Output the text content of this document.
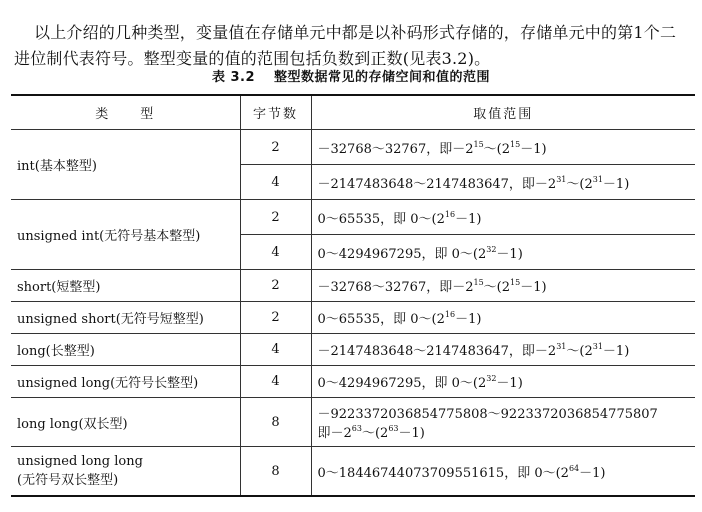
以上介绍的几种类型，变量值在存储单元中都是以补码形式存储的，存储单元中的第1个二进位制代表符号。整型变量的值的范围包括负数到正数(见表3.2)。

表 3.2 整型数据常见的存储空间和值的范围
类　　型	字节数	取值范围
int(基本整型)	2	－32768～32767，即$-2^{15}\sim(2^{15}-1)$
	4	－2147483648～2147483647，即$-2^{31}\sim(2^{31}-1)$
unsigned int(无符号基本整型)	2	0～65535，即 $0\sim(2^{16}-1)$
	4	0～4294967295，即 $0\sim(2^{32}-1)$
short(短整型)	2	－32768～32767，即$-2^{15}\sim(2^{15}-1)$
unsigned short(无符号短整型)	2	0～65535，即 $0\sim(2^{16}-1)$
long(长整型)	4	－2147483648～2147483647，即$-2^{31}\sim(2^{31}-1)$
unsigned long(无符号长整型)	4	0～4294967295，即 $0\sim(2^{32}-1)$
long long(双长型)	8	－9223372036854775808～9223372036854775807
即$-2^{63}\sim(2^{63}-1)$

unsigned long long
(无符号双长整型)	8	0～18446744073709551615，即 $0\sim(2^{64}-1)$
